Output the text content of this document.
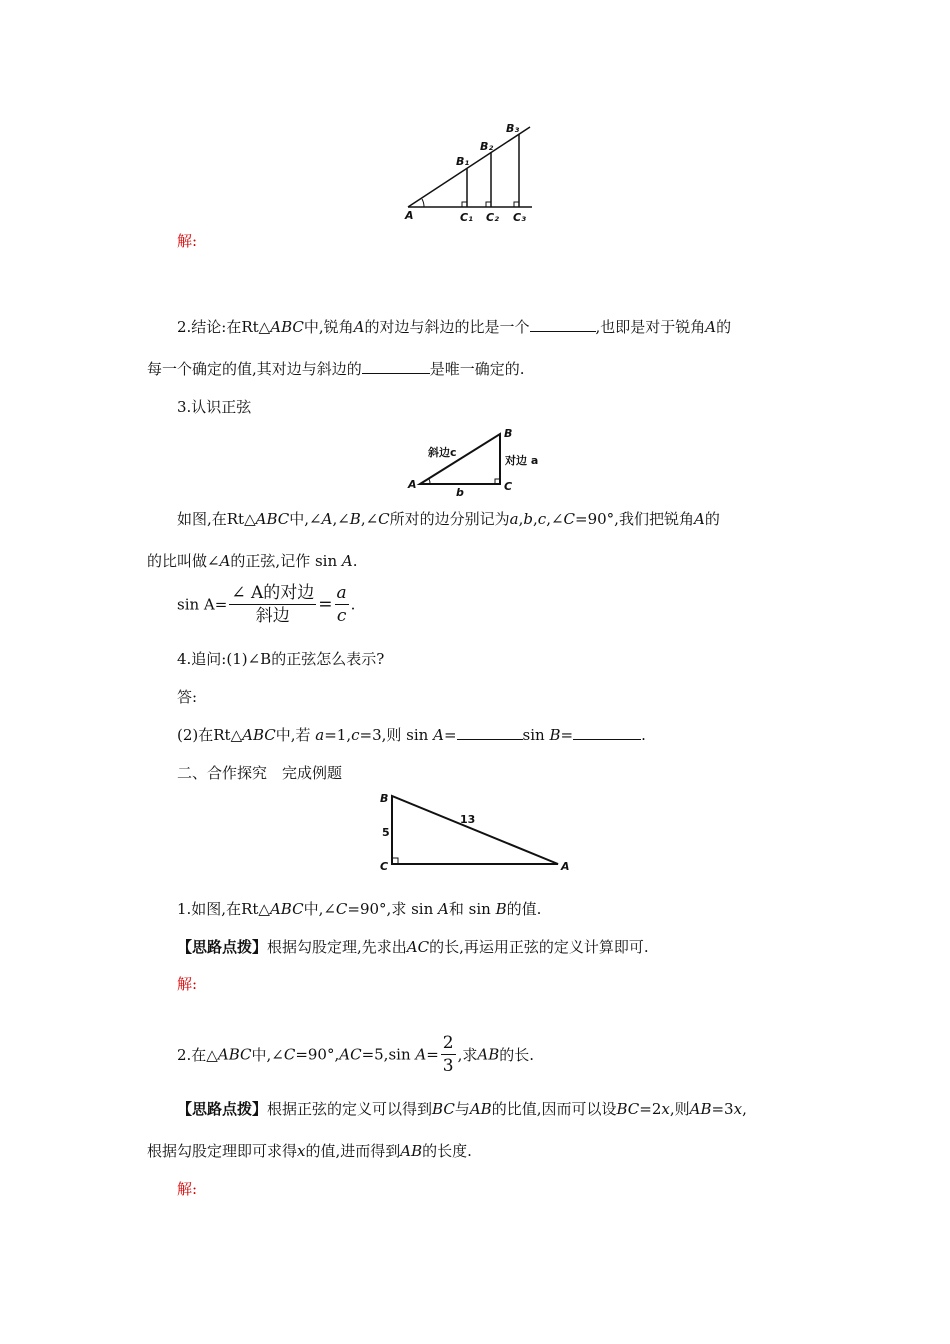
A
B₁
B₂
B₃
C₁ C₂ C₃
解:
2.结论:在Rt△ABC中,锐角A的对边与斜边的比是一个	,也即是对于锐角A的
每一个确定的值,其对边与斜边的	是唯一确定的.
3.认识正弦
B
A	C
斜边c
对边 a
b
如图,在Rt△ABC中,∠A,∠B,∠C所对的边分别记为a,b,c,∠C=90°,我们把锐角A的
的比叫做∠A的正弦,记作 sin A.
$\sin A= \frac{\text{∠ A的对边}}{\text{斜边}} = \frac{a}{c}$ .
4.追问:(1)∠B的正弦怎么表示?
答:
(2)在Rt△ABC中,若 a=1,c=3,则 sin A=	sin B=	.
二、合作探究　完成例题
B
C	A
5
13
1.如图,在Rt△ABC中,∠C=90°,求 sin A和 sin B的值.
【思路点拨】根据勾股定理,先求出AC的长,再运用正弦的定义计算即可.
解:
2.在△ABC中,∠C=90°,AC=5,sin $A= \frac{2}{3}$ ,求AB的长.
【思路点拨】根据正弦的定义可以得到BC与AB的比值,因而可以设BC=2x,则AB=3x,
根据勾股定理即可求得x的值,进而得到AB的长度.
解:
